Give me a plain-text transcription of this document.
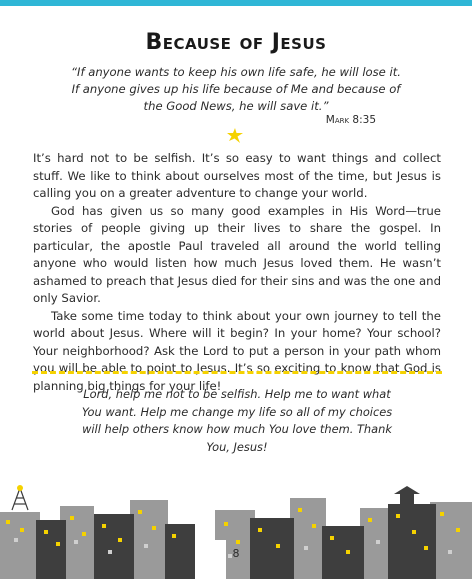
Because of Jesus
“If anyone wants to keep his own life safe, he will lose it. If anyone gives up his life because of Me and because of the Good News, he will save it.”
Mark 8:35

It’s hard not to be selfish. It’s so easy to want things and collect stuff. We like to think about ourselves most of the time, but Jesus is calling you on a greater adventure to change your world.

God has given us so many good examples in His Word—true stories of people giving up their lives to share the gospel. In particular, the apostle Paul traveled all around the world telling anyone who would listen how much Jesus loved them. He wasn’t ashamed to preach that Jesus died for their sins and was the one and only Savior.

Take some time today to think about your own journey to tell the world about Jesus. Where will it begin? In your home? Your school? Your neighborhood? Ask the Lord to put a person in your path whom you will be able to point to Jesus. It’s so exciting to know that God is planning big things for your life!

Lord, help me not to be selfish. Help me to want what You want. Help me change my life so all of my choices will help others know how much You love them. Thank You, Jesus!
8
